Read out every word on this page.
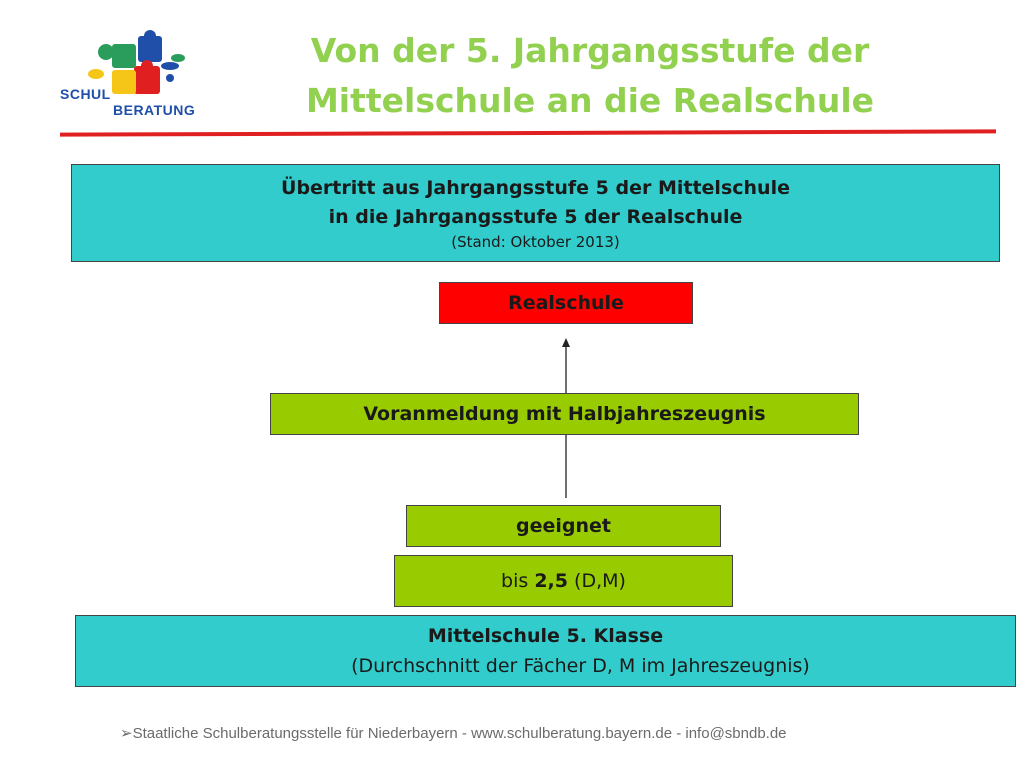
SCHUL
BERATUNG
Von der 5. Jahrgangsstufe der
Mittelschule an die Realschule
Übertritt aus Jahrgangsstufe 5 der Mittelschule
in die Jahrgangsstufe 5 der Realschule
(Stand: Oktober 2013)
Realschule
Voranmeldung mit Halbjahreszeugnis
geeignet
bis 2,5 (D,M)
Mittelschule 5. Klasse
(Durchschnitt der Fächer D, M im Jahreszeugnis)
➢Staatliche Schulberatungsstelle für Niederbayern - www.schulberatung.bayern.de - info@sbndb.de
